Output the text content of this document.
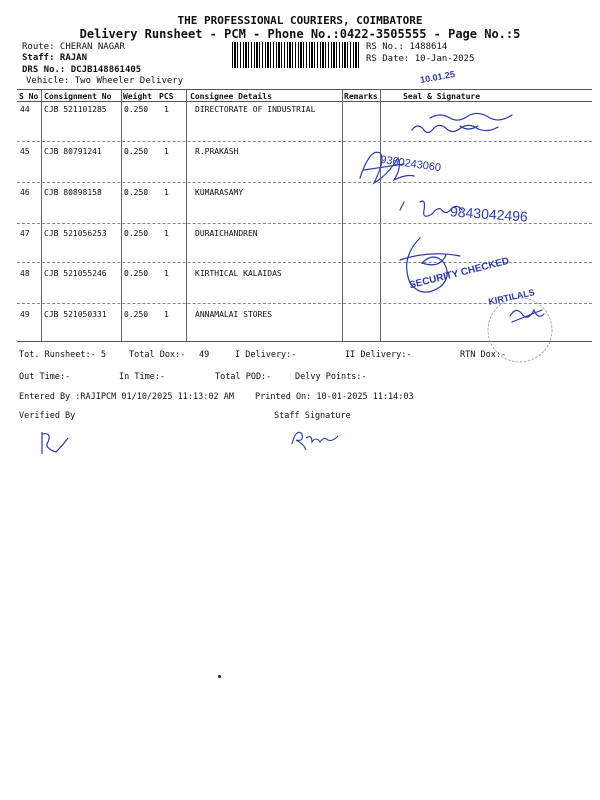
THE PROFESSIONAL COURIERS, COIMBATORE
Delivery Runsheet - PCM - Phone No.:0422-3505555 - Page No.:5
Route: CHERAN NAGAR
Staff: RAJAN
DRS No.: DCJB148861405
Vehicle: Two Wheeler Delivery
RS No.: 1488614
RS Date: 10-Jan-2025
S No Consignment No Weight PCS Consignee Details	Remarks	Seal & Signature
44 CJB 521101285 0.250 1	DIRECTORATE OF INDUSTRIAL
45 CJB 80791241	0.250 1	R.PRAKASH
46 CJB 80898158	0.250 1	KUMARASAMY
47 CJB 521056253 0.250 1	DURAICHANDREN
48 CJB 521055246 0.250 1	KIRTHICAL KALAIDAS
49 CJB 521050331 0.250 1	ANNAMALAI STORES
Tot. Runsheet:- 5	Total Dox:- 49	I Delivery:-	II Delivery:-	RTN Dox:-
Out Time:-	In Time:-	Total POD:-	Delvy Points:-
Entered By :RAJIPCM 01/10/2025 11:13:02 AM Printed On: 10-01-2025 11:14:03
Verified By	Staff Signature
10.01.25
9360243060
9843042496
SECURITY CHECKED
KIRTILALS
